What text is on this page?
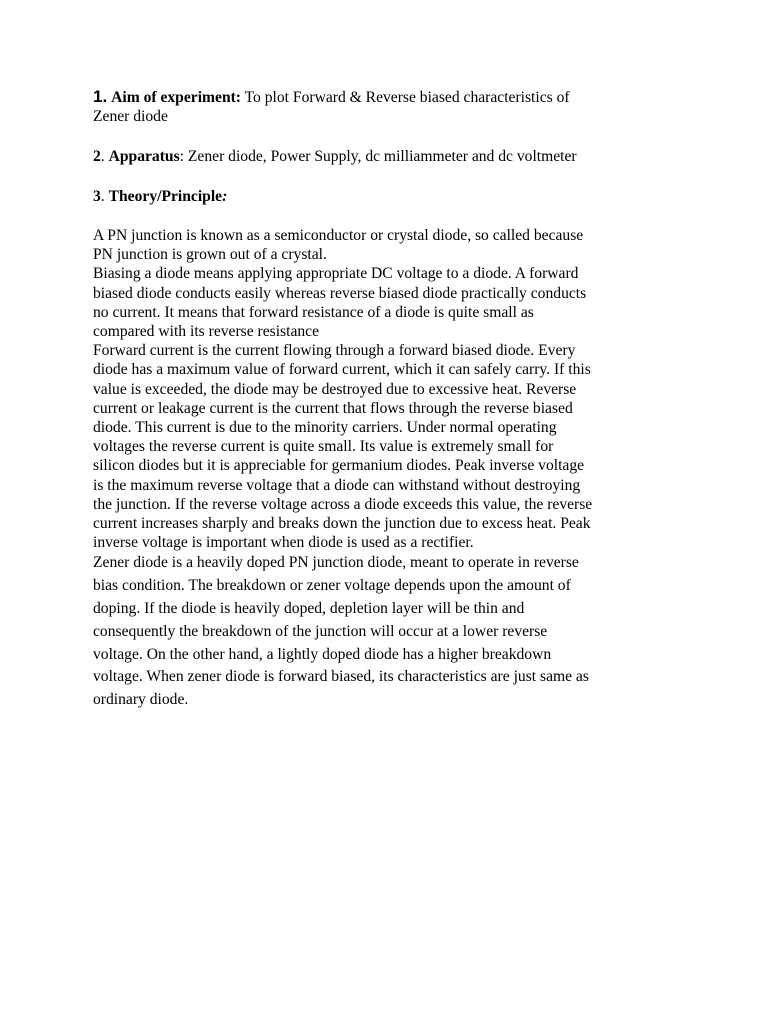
1. Aim of experiment: To plot Forward & Reverse biased characteristics of
Zener diode

2. Apparatus: Zener diode, Power Supply, dc milliammeter and dc voltmeter

3. Theory/Principle:

A PN junction is known as a semiconductor or crystal diode, so called because
PN junction is grown out of a crystal.
Biasing a diode means applying appropriate DC voltage to a diode. A forward
biased diode conducts easily whereas reverse biased diode practically conducts
no current. It means that forward resistance of a diode is quite small as
compared with its reverse resistance
Forward current is the current flowing through a forward biased diode. Every
diode has a maximum value of forward current, which it can safely carry. If this
value is exceeded, the diode may be destroyed due to excessive heat. Reverse
current or leakage current is the current that flows through the reverse biased
diode. This current is due to the minority carriers. Under normal operating
voltages the reverse current is quite small. Its value is extremely small for
silicon diodes but it is appreciable for germanium diodes. Peak inverse voltage
is the maximum reverse voltage that a diode can withstand without destroying
the junction. If the reverse voltage across a diode exceeds this value, the reverse
current increases sharply and breaks down the junction due to excess heat. Peak
inverse voltage is important when diode is used as a rectifier.
Zener diode is a heavily doped PN junction diode, meant to operate in reverse
bias condition. The breakdown or zener voltage depends upon the amount of
doping. If the diode is heavily doped, depletion layer will be thin and
consequently the breakdown of the junction will occur at a lower reverse
voltage. On the other hand, a lightly doped diode has a higher breakdown
voltage. When zener diode is forward biased, its characteristics are just same as
ordinary diode.
